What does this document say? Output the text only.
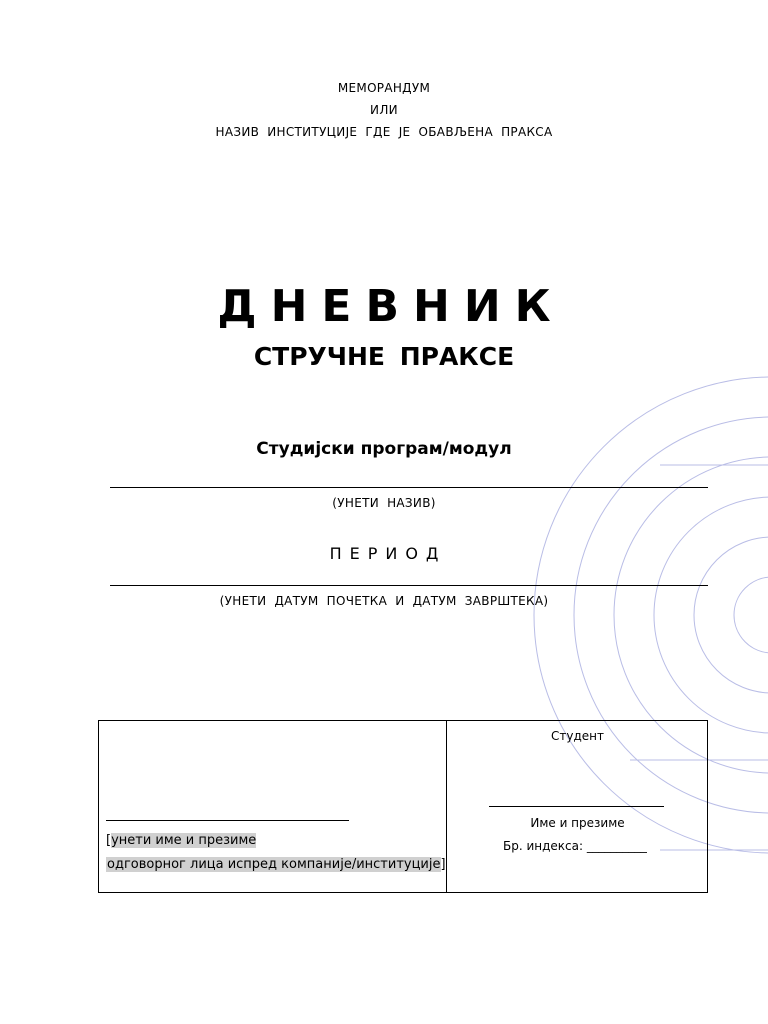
МЕМОРАНДУМ
ИЛИ
НАЗИВ ИНСТИТУЦИЈЕ ГДЕ ЈЕ ОБАВЉЕНА ПРАКСА
ДНЕВНИК
СТРУЧНЕ ПРАКСЕ
Студијски програм/модул
(УНЕТИ НАЗИВ)
ПЕРИОД
(УНЕТИ ДАТУМ ПОЧЕТКА И ДАТУМ ЗАВРШТЕКА)
[унети име и презиме
одговорног лица испред компаније/институције]
Студент
Име и презиме
Бр. индекса: __________
